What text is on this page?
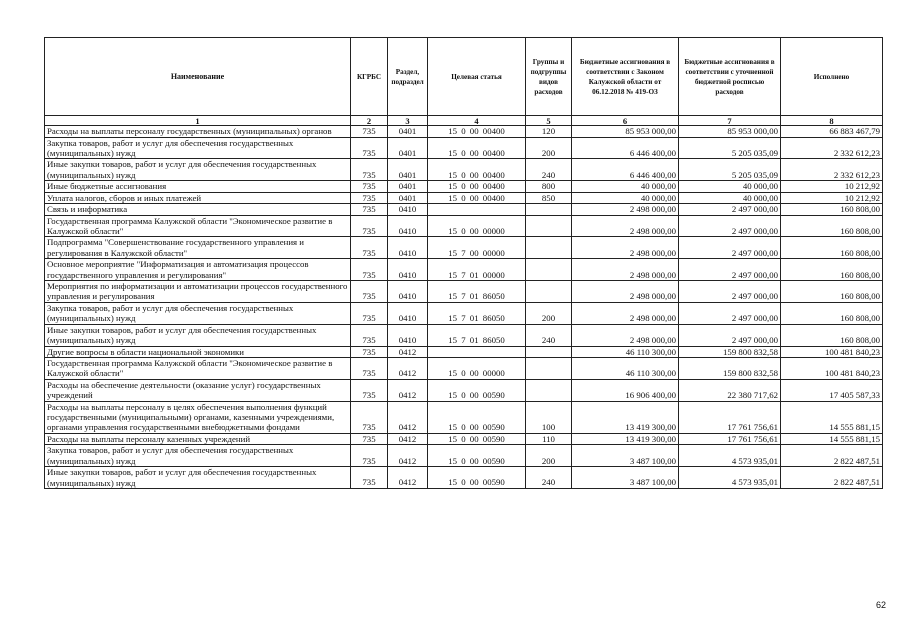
Наименование	КГРБС	Раздел, подраздел	Целевая статья	Группы и подгруппы видов расходов	Бюджетные ассигнования в соответствии с Законом Калужской области от 06.12.2018 № 419-ОЗ	Бюджетные ассигнования в соответствии с уточненной бюджетной росписью расходов	Исполнено
1	2	3	4	5	6	7	8
Расходы на выплаты персоналу государственных (муниципальных) органов	735	0401	15 0 00 00400	120	85 953 000,00	85 953 000,00	66 883 467,79
Закупка товаров, работ и услуг для обеспечения государственных (муниципальных) нужд	735	0401	15 0 00 00400	200	6 446 400,00	5 205 035,09	2 332 612,23
Иные закупки товаров, работ и услуг для обеспечения государственных (муниципальных) нужд	735	0401	15 0 00 00400	240	6 446 400,00	5 205 035,09	2 332 612,23
Иные бюджетные ассигнования	735	0401	15 0 00 00400	800	40 000,00	40 000,00	10 212,92
Уплата налогов, сборов и иных платежей	735	0401	15 0 00 00400	850	40 000,00	40 000,00	10 212,92
Связь и информатика	735	0410			2 498 000,00	2 497 000,00	160 808,00
Государственная программа Калужской области "Экономическое развитие в Калужской области"	735	0410	15 0 00 00000		2 498 000,00	2 497 000,00	160 808,00
Подпрограмма "Совершенствование государственного управления и регулирования в Калужской области"	735	0410	15 7 00 00000		2 498 000,00	2 497 000,00	160 808,00
Основное мероприятие "Информатизация и автоматизация процессов государственного управления и регулирования"	735	0410	15 7 01 00000		2 498 000,00	2 497 000,00	160 808,00
Мероприятия по информатизации и автоматизации процессов государственного управления и регулирования	735	0410	15 7 01 86050		2 498 000,00	2 497 000,00	160 808,00
Закупка товаров, работ и услуг для обеспечения государственных (муниципальных) нужд	735	0410	15 7 01 86050	200	2 498 000,00	2 497 000,00	160 808,00
Иные закупки товаров, работ и услуг для обеспечения государственных (муниципальных) нужд	735	0410	15 7 01 86050	240	2 498 000,00	2 497 000,00	160 808,00
Другие вопросы в области национальной экономики	735	0412			46 110 300,00	159 800 832,58	100 481 840,23
Государственная программа Калужской области "Экономическое развитие в Калужской области"	735	0412	15 0 00 00000		46 110 300,00	159 800 832,58	100 481 840,23
Расходы на обеспечение деятельности (оказание услуг) государственных учреждений	735	0412	15 0 00 00590		16 906 400,00	22 380 717,62	17 405 587,33
Расходы на выплаты персоналу в целях обеспечения выполнения функций государственными (муниципальными) органами, казенными учреждениями, органами управления государственными внебюджетными фондами	735	0412	15 0 00 00590	100	13 419 300,00	17 761 756,61	14 555 881,15
Расходы на выплаты персоналу казенных учреждений	735	0412	15 0 00 00590	110	13 419 300,00	17 761 756,61	14 555 881,15
Закупка товаров, работ и услуг для обеспечения государственных (муниципальных) нужд	735	0412	15 0 00 00590	200	3 487 100,00	4 573 935,01	2 822 487,51
Иные закупки товаров, работ и услуг для обеспечения государственных (муниципальных) нужд	735	0412	15 0 00 00590	240	3 487 100,00	4 573 935,01	2 822 487,51
62
